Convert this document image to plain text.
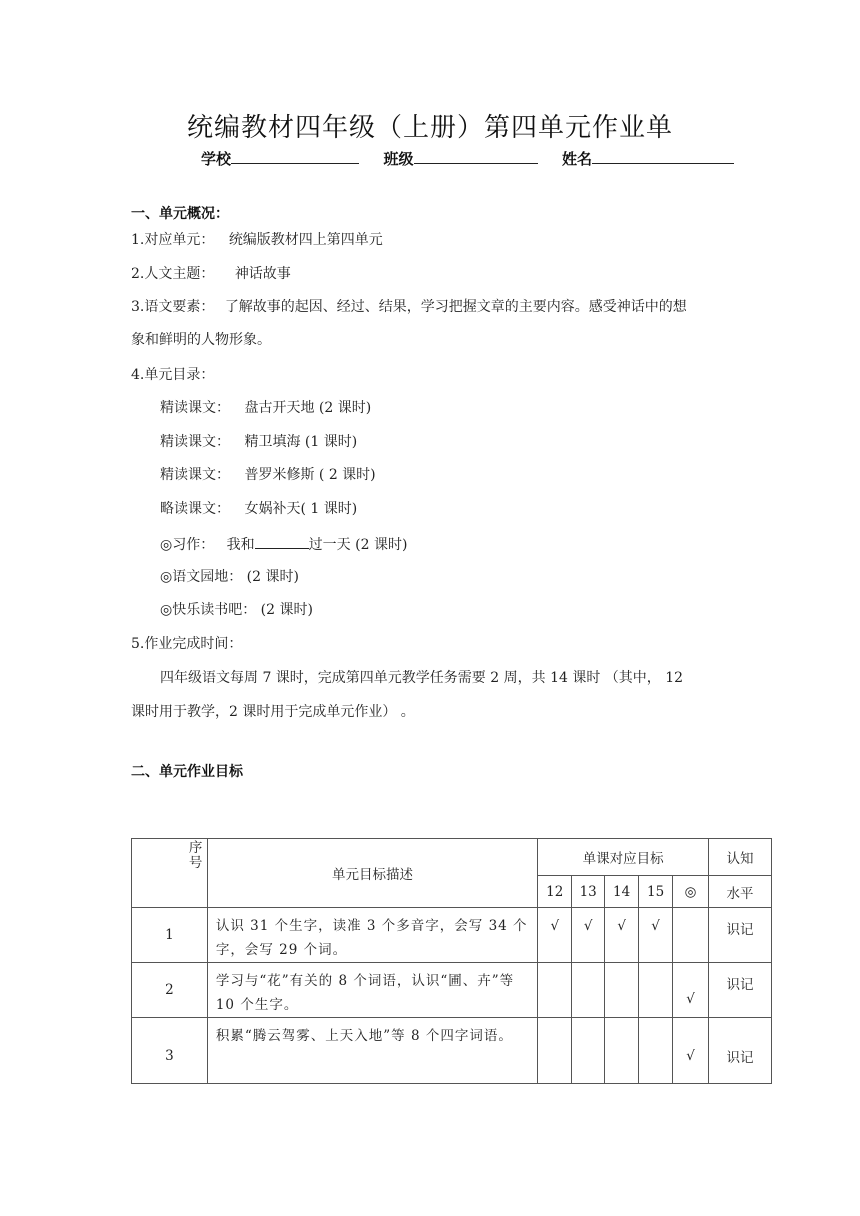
统编教材四年级（上册）第四单元作业单
学校	班级	姓名
一、单元概况：
1.对应单元： 统编版教材四上第四单元
2.人文主题： 神话故事
3.语文要素： 了解故事的起因、经过、结果，学习把握文章的主要内容。感受神话中的想
象和鲜明的人物形象。
4.单元目录：
精读课文： 盘古开天地 (2 课时)
精读课文： 精卫填海 (1 课时)
精读课文： 普罗米修斯 ( 2 课时)
略读课文： 女娲补天( 1 课时)
◎习作： 我和	过一天 (2 课时)
◎语文园地： (2 课时)
◎快乐读书吧： (2 课时)
5.作业完成时间：
四年级语文每周 7 课时，完成第四单元教学任务需要 2 周，共 14 课时 （其中， 12
课时用于教学，2 课时用于完成单元作业） 。
二、单元作业目标
序号	单元目标描述	单课对应目标					认知
		12	13	14	15	◎	水平
1	认识 31 个生字，读准 3 个多音字，会写 34 个字，会写 29 个词。	√	√	√	√		识记
2	学习与“花”有关的 8 个词语，认识“圃、卉”等 10 个生字。					√	识记
3	积累“腾云驾雾、上天入地”等 8 个四字词语。					√	识记
